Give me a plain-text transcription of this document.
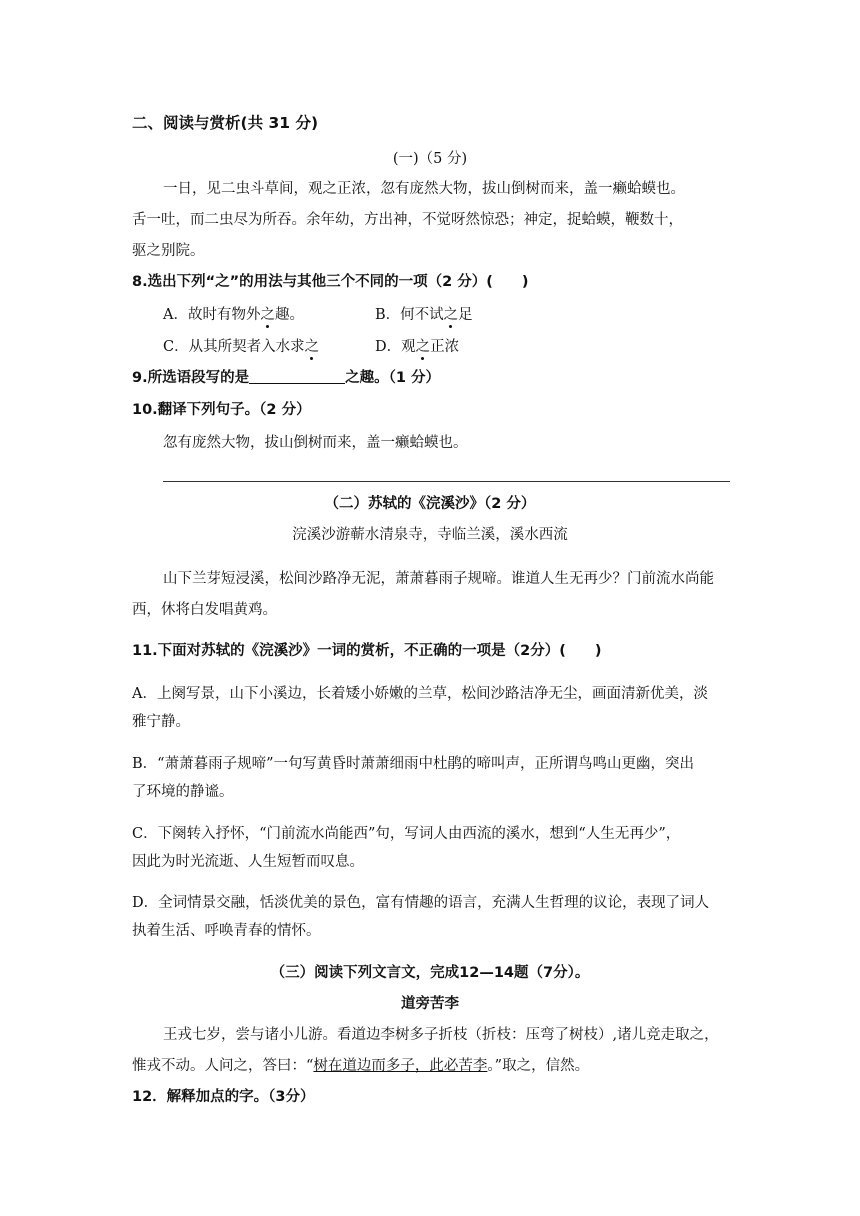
二、阅读与赏析(共 31 分)
(一)（5 分)
一日，见二虫斗草间，观之正浓，忽有庞然大物，拔山倒树而来，盖一癞蛤蟆也。
舌一吐，而二虫尽为所吞。余年幼，方出神，不觉呀然惊恐；神定，捉蛤蟆，鞭数十，
驱之别院。
8.选出下列“之”的用法与其他三个不同的一项（2 分）(　　)
A．故时有物外之趣。	B．何不试之足
C．从其所契者入水求之	D．观之正浓
9.所选语段写的是	之趣。（1 分）
10.翻译下列句子。（2 分）
忽有庞然大物，拔山倒树而来，盖一癞蛤蟆也。
（二）苏轼的《浣溪沙》（2 分）
浣溪沙游蕲水清泉寺，寺临兰溪，溪水西流
山下兰芽短浸溪，松间沙路净无泥，萧萧暮雨子规啼。谁道人生无再少？门前流水尚能
西，休将白发唱黄鸡。
11.下面对苏轼的《浣溪沙》一词的赏析，不正确的一项是（2分）(　　)
A．上阕写景，山下小溪边，长着矮小娇嫩的兰草，松间沙路洁净无尘，画面清新优美，淡
雅宁静。
B．“萧萧暮雨子规啼”一句写黄昏时萧萧细雨中杜鹃的啼叫声，正所谓鸟鸣山更幽，突出
了环境的静谧。
C．下阕转入抒怀，“门前流水尚能西”句，写词人由西流的溪水，想到“人生无再少”，
因此为时光流逝、人生短暂而叹息。
D．全词情景交融，恬淡优美的景色，富有情趣的语言，充满人生哲理的议论，表现了词人
执着生活、呼唤青春的情怀。
（三）阅读下列文言文，完成12—14题（7分）。
道旁苦李
王戎七岁，尝与诸小儿游。看道边李树多子折枝（折枝：压弯了树枝）,诸儿竞走取之，
惟戎不动。人问之，答曰：“树在道边而多子，此必苦李。”取之，信然。
12．解释加点的字。（3分）
